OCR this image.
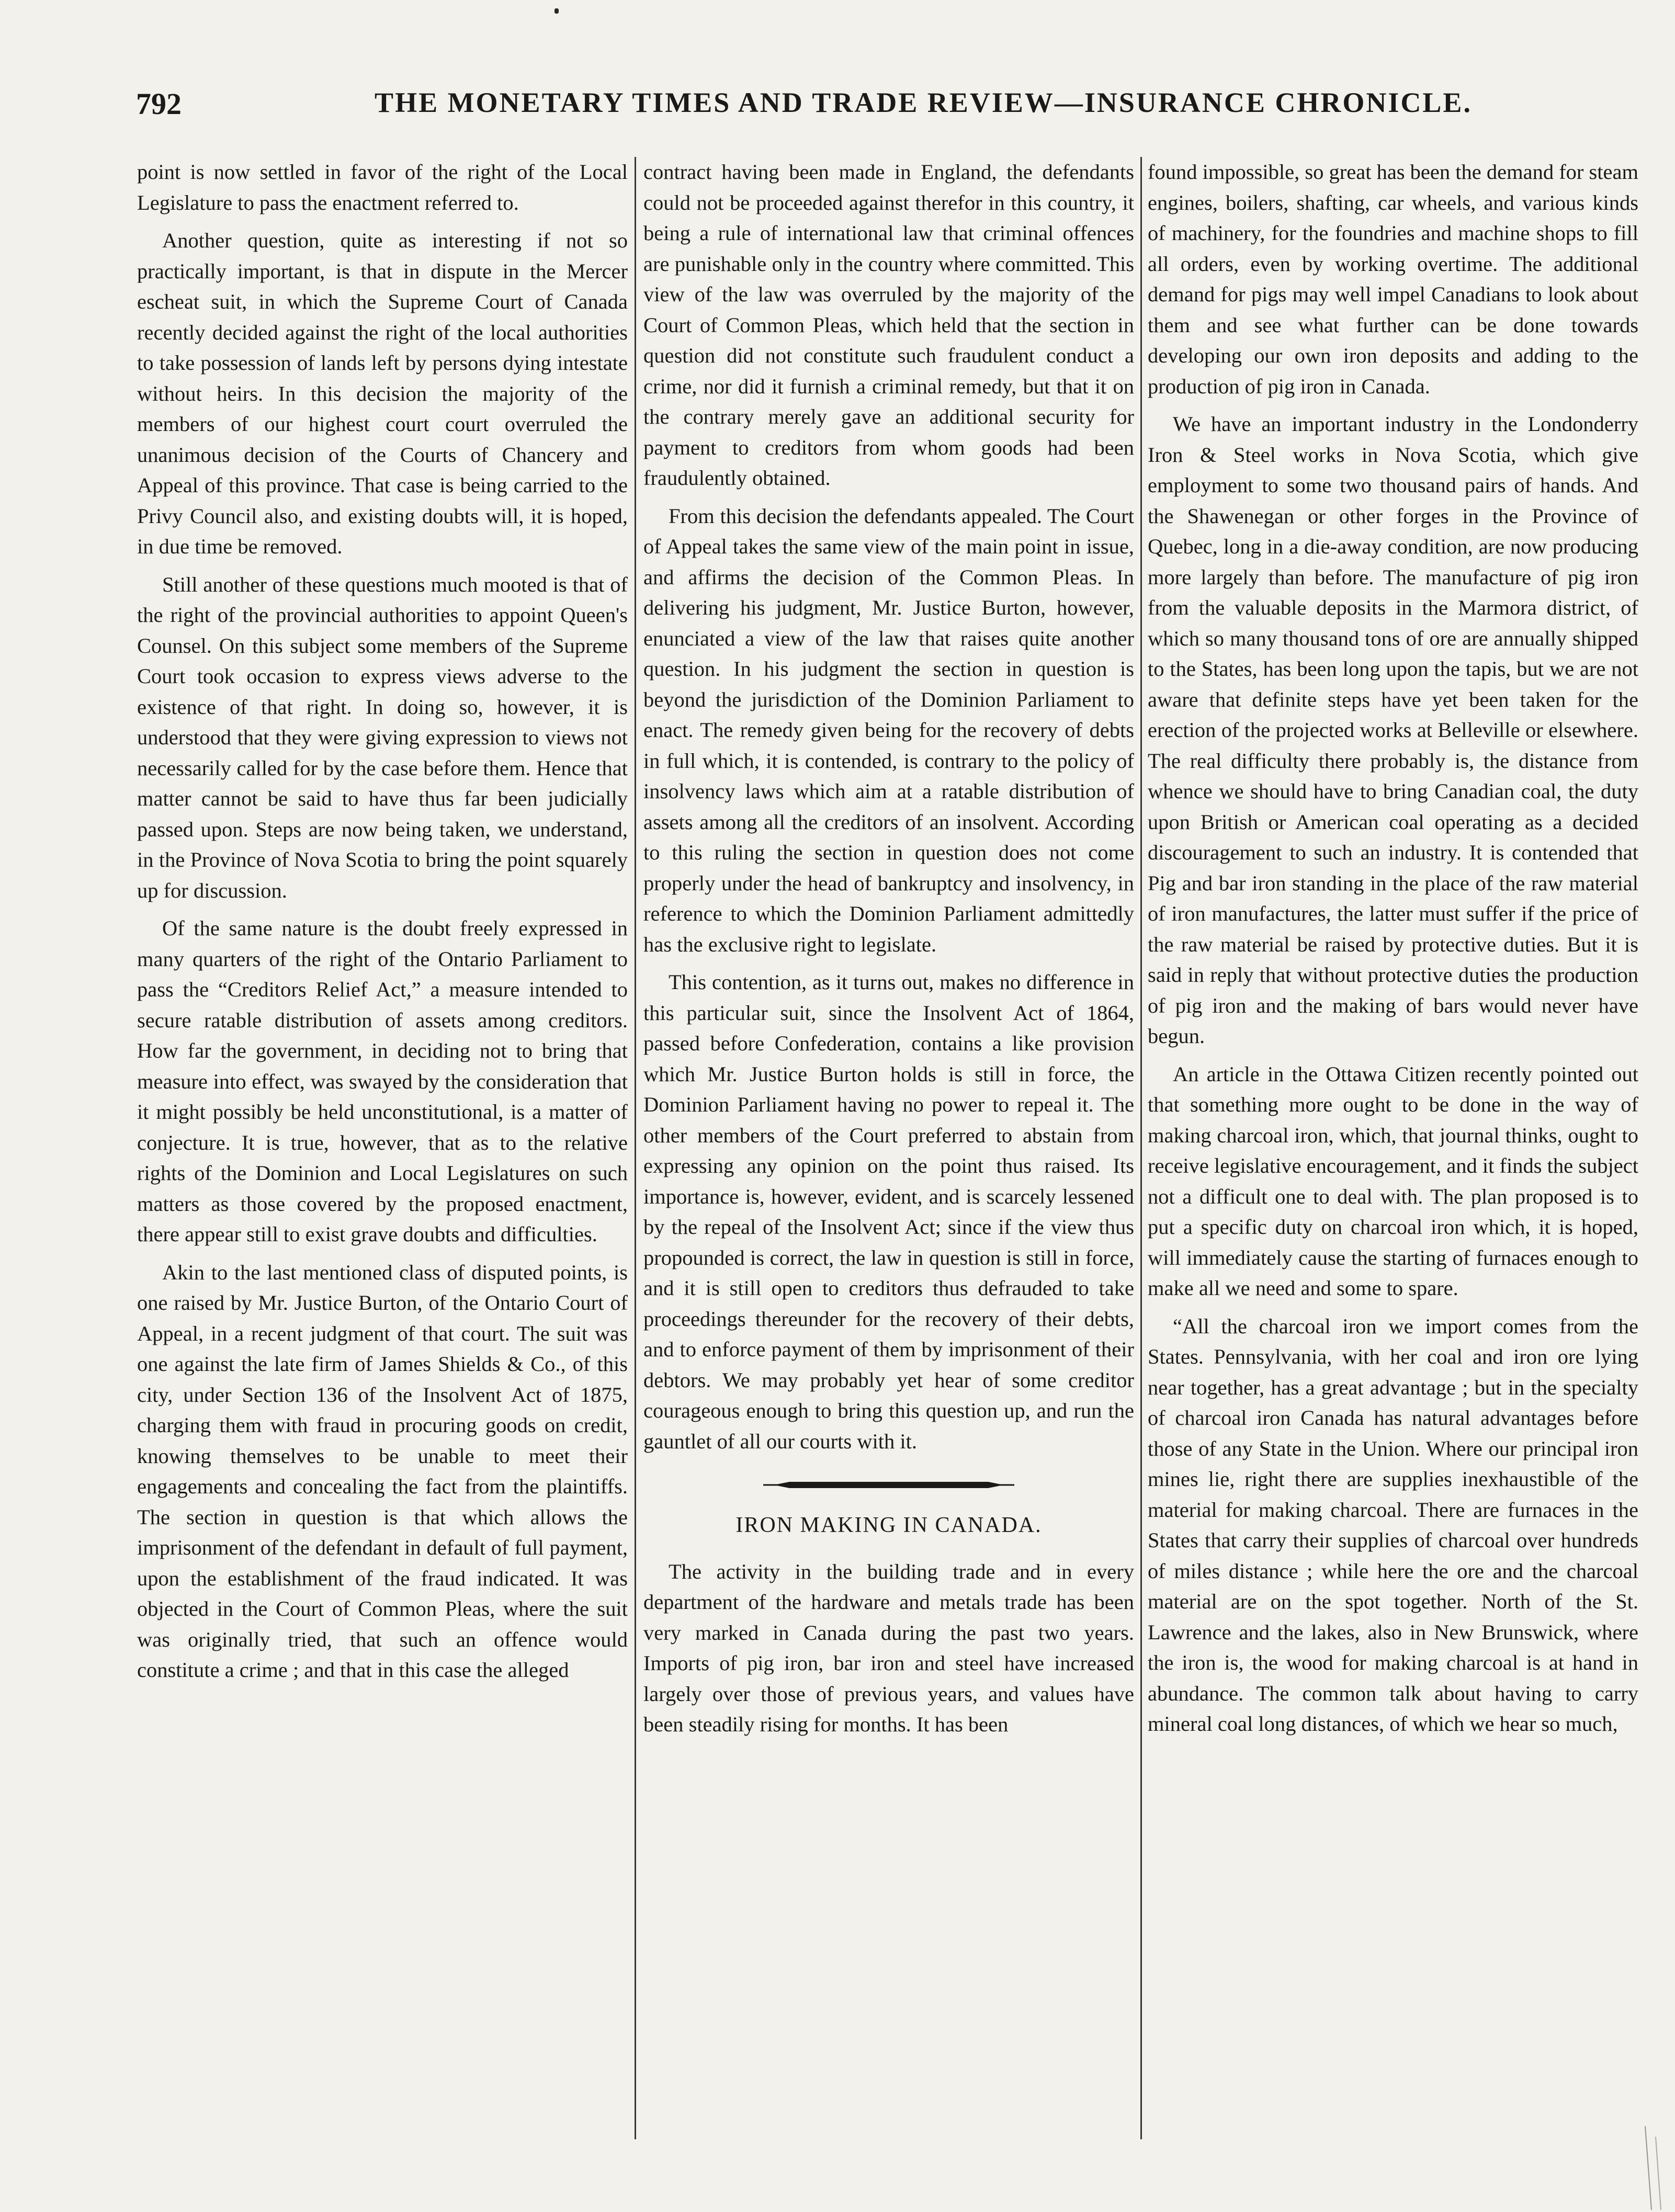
792	THE MONETARY TIMES AND TRADE REVIEW—INSURANCE CHRONICLE.

point is now settled in favor of the right of the Local Legislature to pass the enactment referred to.

Another question, quite as interesting if not so practically important, is that in dispute in the Mercer escheat suit, in which the Supreme Court of Canada recently decided against the right of the local authorities to take possession of lands left by persons dying intestate without heirs. In this decision the majority of the members of our highest court court overruled the unanimous decision of the Courts of Chancery and Appeal of this province. That case is being carried to the Privy Council also, and existing doubts will, it is hoped, in due time be removed.

Still another of these questions much mooted is that of the right of the provincial authorities to appoint Queen's Counsel. On this subject some members of the Supreme Court took occasion to express views adverse to the existence of that right. In doing so, however, it is understood that they were giving expression to views not necessarily called for by the case before them. Hence that matter cannot be said to have thus far been judicially passed upon. Steps are now being taken, we understand, in the Province of Nova Scotia to bring the point squarely up for discussion.

Of the same nature is the doubt freely expressed in many quarters of the right of the Ontario Parliament to pass the “Creditors Relief Act,” a measure intended to secure ratable distribution of assets among creditors. How far the government, in deciding not to bring that measure into effect, was swayed by the consideration that it might possibly be held unconstitutional, is a matter of conjecture. It is true, however, that as to the relative rights of the Dominion and Local Legislatures on such matters as those covered by the proposed enactment, there appear still to exist grave doubts and difficulties.

Akin to the last mentioned class of disputed points, is one raised by Mr. Justice Burton, of the Ontario Court of Appeal, in a recent judgment of that court. The suit was one against the late firm of James Shields & Co., of this city, under Section 136 of the Insolvent Act of 1875, charging them with fraud in procuring goods on credit, knowing themselves to be unable to meet their engagements and concealing the fact from the plaintiffs. The section in question is that which allows the imprisonment of the defendant in default of full payment, upon the establishment of the fraud indicated. It was objected in the Court of Common Pleas, where the suit was originally tried, that such an offence would constitute a crime ; and that in this case the alleged

contract having been made in England, the defendants could not be proceeded against therefor in this country, it being a rule of international law that criminal offences are punishable only in the country where committed. This view of the law was overruled by the majority of the Court of Common Pleas, which held that the section in question did not constitute such fraudulent conduct a crime, nor did it furnish a criminal remedy, but that it on the contrary merely gave an additional security for payment to creditors from whom goods had been fraudulently obtained.

From this decision the defendants appealed. The Court of Appeal takes the same view of the main point in issue, and affirms the decision of the Common Pleas. In delivering his judgment, Mr. Justice Burton, however, enunciated a view of the law that raises quite another question. In his judgment the section in question is beyond the jurisdiction of the Dominion Parliament to enact. The remedy given being for the recovery of debts in full which, it is contended, is contrary to the policy of insolvency laws which aim at a ratable distribution of assets among all the creditors of an insolvent. According to this ruling the section in question does not come properly under the head of bankruptcy and insolvency, in reference to which the Dominion Parliament admittedly has the exclusive right to legislate.

This contention, as it turns out, makes no difference in this particular suit, since the Insolvent Act of 1864, passed before Confederation, contains a like provision which Mr. Justice Burton holds is still in force, the Dominion Parliament having no power to repeal it. The other members of the Court preferred to abstain from expressing any opinion on the point thus raised. Its importance is, however, evident, and is scarcely lessened by the repeal of the Insolvent Act; since if the view thus propounded is correct, the law in question is still in force, and it is still open to creditors thus defrauded to take proceedings thereunder for the recovery of their debts, and to enforce payment of them by imprisonment of their debtors. We may probably yet hear of some creditor courageous enough to bring this question up, and run the gauntlet of all our courts with it.

IRON MAKING IN CANADA.

The activity in the building trade and in every department of the hardware and metals trade has been very marked in Canada during the past two years. Imports of pig iron, bar iron and steel have increased largely over those of previous years, and values have been steadily rising for months. It has been

found impossible, so great has been the demand for steam engines, boilers, shafting, car wheels, and various kinds of machinery, for the foundries and machine shops to fill all orders, even by working overtime. The additional demand for pigs may well impel Canadians to look about them and see what further can be done towards developing our own iron deposits and adding to the production of pig iron in Canada.

We have an important industry in the Londonderry Iron & Steel works in Nova Scotia, which give employment to some two thousand pairs of hands. And the Shawenegan or other forges in the Province of Quebec, long in a die-away condition, are now producing more largely than before. The manufacture of pig iron from the valuable deposits in the Marmora district, of which so many thousand tons of ore are annually shipped to the States, has been long upon the tapis, but we are not aware that definite steps have yet been taken for the erection of the projected works at Belleville or elsewhere. The real difficulty there probably is, the distance from whence we should have to bring Canadian coal, the duty upon British or American coal operating as a decided discouragement to such an industry. It is contended that Pig and bar iron standing in the place of the raw material of iron manufactures, the latter must suffer if the price of the raw material be raised by protective duties. But it is said in reply that without protective duties the production of pig iron and the making of bars would never have begun.

An article in the Ottawa Citizen recently pointed out that something more ought to be done in the way of making charcoal iron, which, that journal thinks, ought to receive legislative encouragement, and it finds the subject not a difficult one to deal with. The plan proposed is to put a specific duty on charcoal iron which, it is hoped, will immediately cause the starting of furnaces enough to make all we need and some to spare.

“All the charcoal iron we import comes from the States. Pennsylvania, with her coal and iron ore lying near together, has a great advantage ; but in the specialty of charcoal iron Canada has natural advantages before those of any State in the Union. Where our principal iron mines lie, right there are supplies inexhaustible of the material for making charcoal. There are furnaces in the States that carry their supplies of charcoal over hundreds of miles distance ; while here the ore and the charcoal material are on the spot together. North of the St. Lawrence and the lakes, also in New Brunswick, where the iron is, the wood for making charcoal is at hand in abundance. The common talk about having to carry mineral coal long distances, of which we hear so much,
